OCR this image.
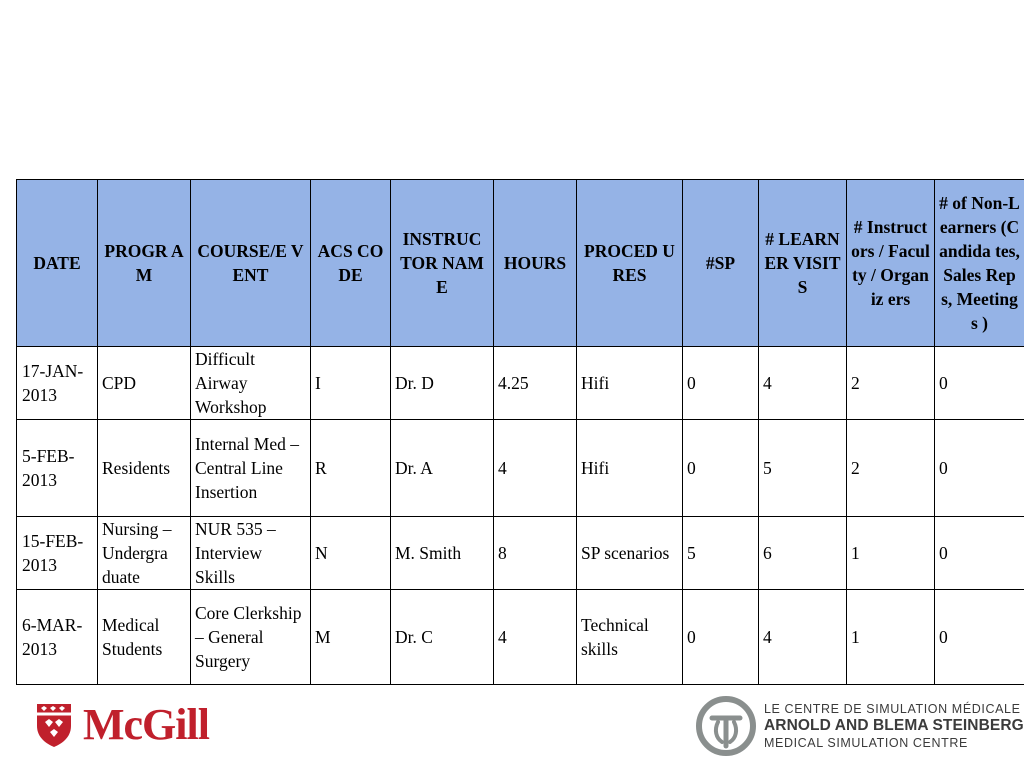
DATE	PROGR AM	COURSE/E VENT	ACS CODE	INSTRUC TOR NAME	HOURS	PROCED URES	#SP	# LEARN ER VISITS	# Instruct ors / Faculty / Organiz ers	# of Non-Learners (Candida tes, Sales Reps, Meetings )
17-JAN-2013	CPD	Difficult Airway Workshop	I	Dr. D	4.25	Hifi	0	4	2	0
5-FEB-2013	Residents	Internal Med – Central Line Insertion	R	Dr. A	4	Hifi	0	5	2	0
15-FEB-2013	Nursing – Undergra duate	NUR 535 – Interview Skills	N	M. Smith	8	SP scenarios	5	6	1	0
6-MAR-2013	Medical Students	Core Clerkship – General Surgery	M	Dr. C	4	Technical skills	0	4	1	0
McGill	LE CENTRE DE SIMULATION MÉDICALE
ARNOLD AND BLEMA STEINBERG
MEDICAL SIMULATION CENTRE
